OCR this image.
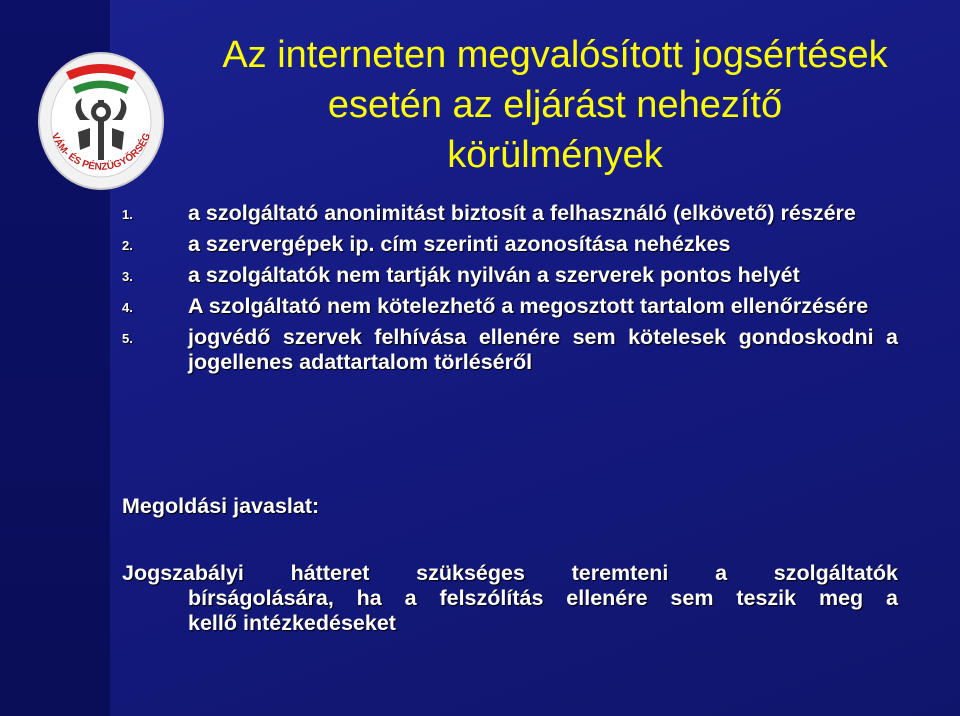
VÁM- ÉS PÉNZÜGYŐRSÉG
Az interneten megvalósított jogsértések
esetén az eljárást nehezítő
körülmények
1.	a szolgáltató anonimitást biztosít a felhasználó (elkövető) részére
2.	a szervergépek ip. cím szerinti azonosítása nehézkes
3.	a szolgáltatók nem tartják nyilván a szerverek pontos helyét
4.	A szolgáltató nem kötelezhető a megosztott tartalom ellenőrzésére
5.	jogvédő szervek felhívása ellenére sem kötelesek gondoskodni a jogellenes adattartalom törléséről

Megoldási javaslat:

Jogszabályi hátteret szükséges teremteni a szolgáltatók
bírságolására, ha a felszólítás ellenére sem teszik meg a
kellő intézkedéseket
